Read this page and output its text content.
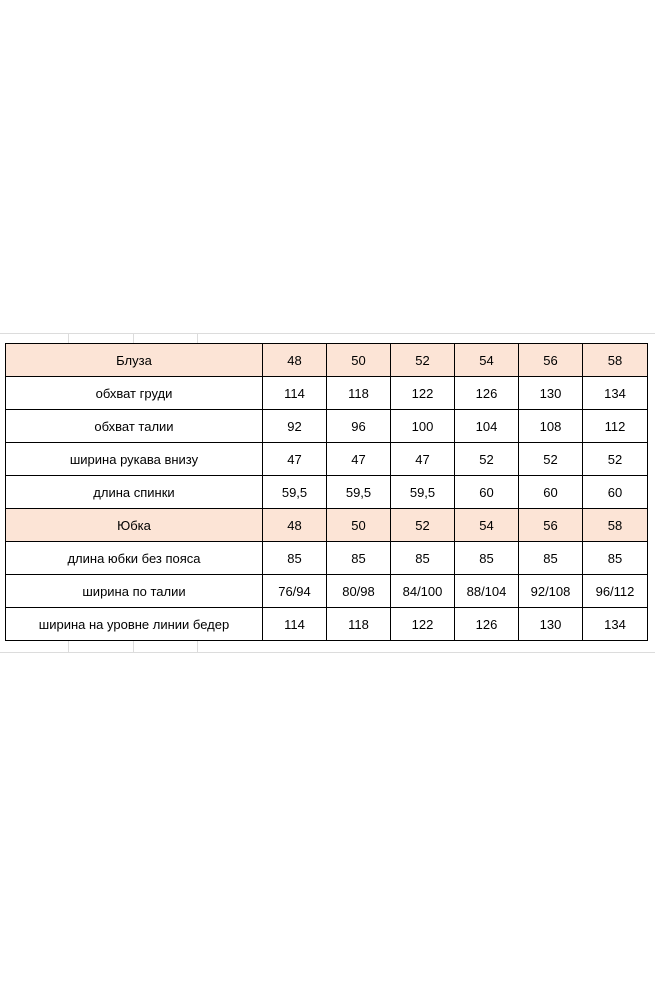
Блуза	48	50	52	54	56	58
обхват груди	114	118	122	126	130	134
обхват талии	92	96	100	104	108	112
ширина рукава внизу	47	47	47	52	52	52
длина спинки	59,5	59,5	59,5	60	60	60
Юбка	48	50	52	54	56	58
длина юбки без пояса	85	85	85	85	85	85
ширина по талии	76/94	80/98	84/100	88/104	92/108	96/112
ширина на уровне линии бедер	114	118	122	126	130	134
